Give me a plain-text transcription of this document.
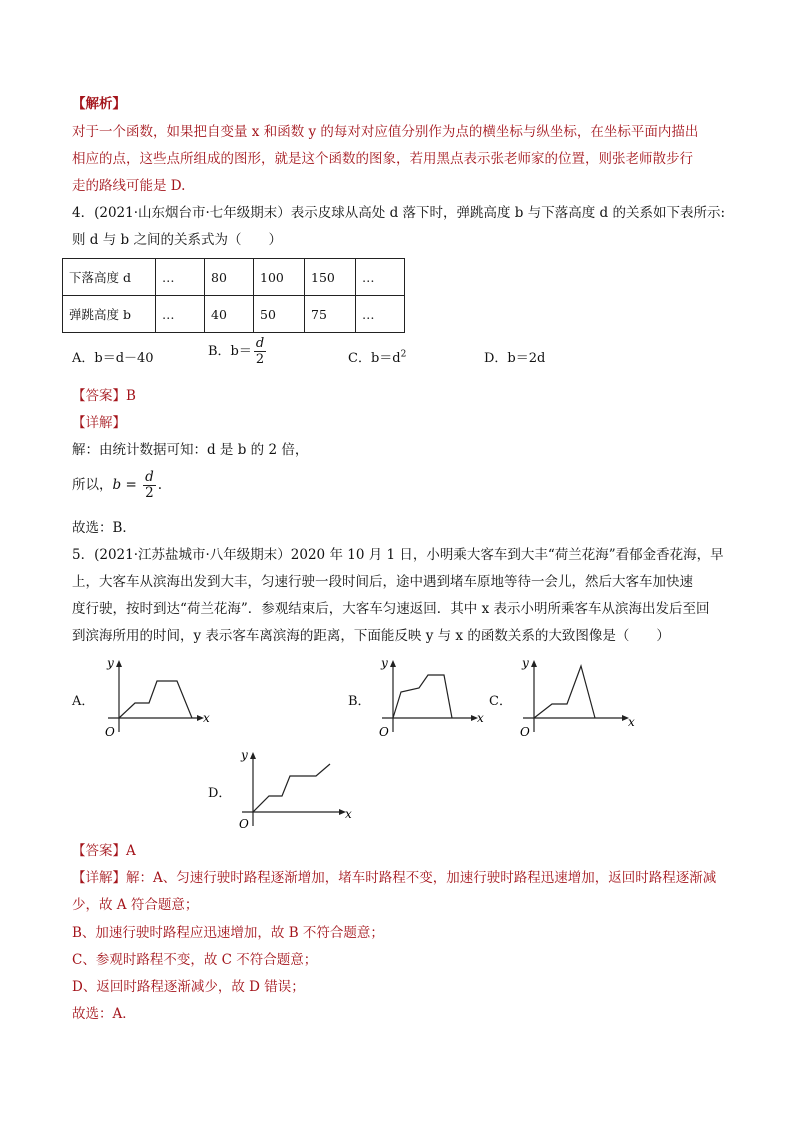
【解析】
对于一个函数，如果把自变量 x 和函数 y 的每对对应值分别作为点的横坐标与纵坐标，在坐标平面内描出
相应的点，这些点所组成的图形，就是这个函数的图象，若用黑点表示张老师家的位置，则张老师散步行
走的路线可能是 D.
4．(2021·山东烟台市·七年级期末）表示皮球从高处 d 落下时，弹跳高度 b 与下落高度 d 的关系如下表所示:
则 d 与 b 之间的关系式为（　　）
下落高度 d	…	80	100	150	…
弹跳高度 b	…	40	50	75	…
A．b＝d－40	B．$b= \frac{d}{2}$	C．$b=d^2$	D．b＝2d
【答案】B
【详解】
解：由统计数据可知：d 是 b 的 2 倍，
所以，$b = \frac{d}{2}$ .
故选：B．
5．(2021·江苏盐城市·八年级期末）2020 年 10 月 1 日，小明乘大客车到大丰“荷兰花海”看郁金香花海，早
上，大客车从滨海出发到大丰，匀速行驶一段时间后，途中遇到堵车原地等待一会儿，然后大客车加快速
度行驶，按时到达“荷兰花海”．参观结束后，大客车匀速返回．其中 x 表示小明所乘客车从滨海出发后至回
到滨海所用的时间，y 表示客车离滨海的距离，下面能反映 y 与 x 的函数关系的大致图像是（　　）
A．
y
x
O
B．
y
x
O
C．
y
x
O
D．
y
x
O
【答案】A
【详解】解：A、匀速行驶时路程逐渐增加，堵车时路程不变，加速行驶时路程迅速增加，返回时路程逐渐减
少，故 A 符合题意；
B、加速行驶时路程应迅速增加，故 B 不符合题意；
C、参观时路程不变，故 C 不符合题意；
D、返回时路程逐渐减少，故 D 错误；
故选：A．
